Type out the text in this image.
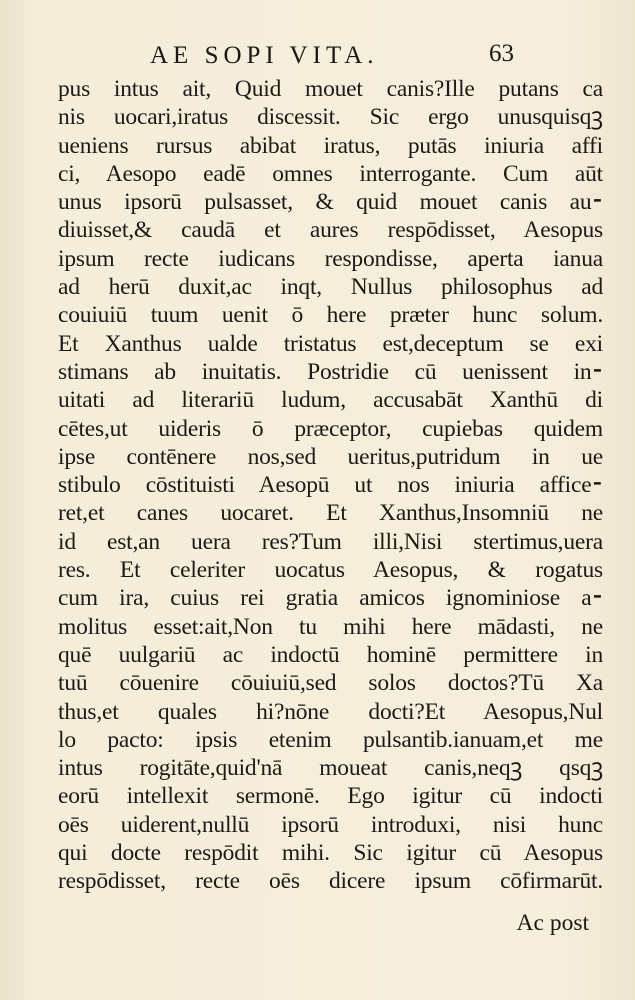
AE SOPI VITA.	63
pus intus ait, Quid mouet canis?Ille putans ca
nis uocari,iratus discessit. Sic ergo unusquisqꝫ
ueniens rursus abibat iratus, putās iniuria affi
ci, Aesopo eadē omnes interrogante. Cum aūt
unus ipsorū pulsasset, & quid mouet canis au⁃
diuisset,& caudā et aures respōdisset, Aesopus
ipsum recte iudicans respondisse, aperta ianua
ad herū duxit,ac inqt, Nullus philosophus ad
couiuiū tuum uenit ō here præter hunc solum.
Et Xanthus ualde tristatus est,deceptum se exi
stimans ab inuitatis. Postridie cū uenissent in⁃
uitati ad literariū ludum, accusabāt Xanthū di
cētes,ut uideris ō præceptor, cupiebas quidem
ipse contēnere nos,sed ueritus,putridum in ue
stibulo cōstituisti Aesopū ut nos iniuria affice⁃
ret,et canes uocaret. Et Xanthus,Insomniū ne
id est,an uera res?Tum illi,Nisi stertimus,uera
res. Et celeriter uocatus Aesopus, & rogatus
cum ira, cuius rei gratia amicos ignominiose a⁃
molitus esset:ait,Non tu mihi here mādasti, ne
quē uulgariū ac indoctū hominē permittere in
tuū cōuenire cōuiuiū,sed solos doctos?Tū Xa
thus,et quales hi?nōne docti?Et Aesopus,Nul
lo pacto: ipsis etenim pulsantib.ianuam,et me
intus rogitāte,quid'nā moueat canis,neqꝫ qsqꝫ
eorū intellexit sermonē. Ego igitur cū indocti
oēs uiderent,nullū ipsorū introduxi, nisi hunc
qui docte respōdit mihi. Sic igitur cū Aesopus
respōdisset, recte oēs dicere ipsum cōfirmarūt.
Ac post
